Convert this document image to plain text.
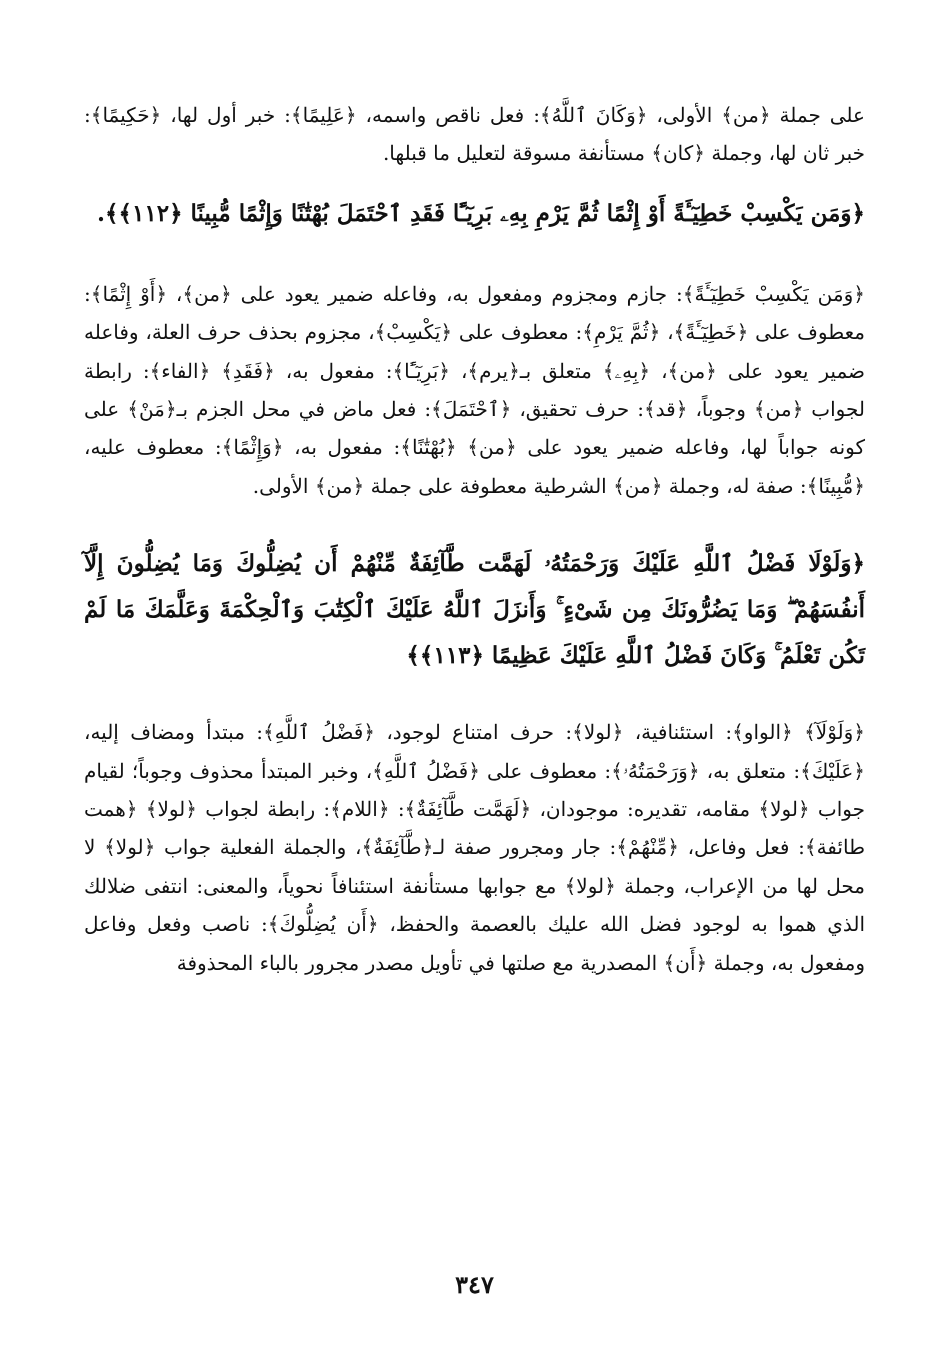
على جملة ﴿من﴾ الأولى، ﴿وَكَانَ ٱللَّهُ﴾: فعل ناقص واسمه، ﴿عَلِيمًا﴾: خبر أول لها، ﴿حَكِيمًا﴾: خبر ثان لها، وجملة ﴿كان﴾ مستأنفة مسوقة لتعليل ما قبلها.

﴿وَمَن يَكْسِبْ خَطِيٓـَٔةً أَوْ إِثْمًا ثُمَّ يَرْمِ بِهِۦ بَرِيٓـًٔا فَقَدِ ٱحْتَمَلَ بُهْتَٰنًا وَإِثْمًا مُّبِينًا ﴿١١٢﴾﴾.

﴿وَمَن يَكْسِبْ خَطِيٓـَٔةً﴾: جازم ومجزوم ومفعول به، وفاعله ضمير يعود على ﴿من﴾، ﴿أَوْ إِثْمًا﴾: معطوف على ﴿خَطِيٓـَٔةً﴾، ﴿ثُمَّ يَرْمِ﴾: معطوف على ﴿يَكْسِبْ﴾، مجزوم بحذف حرف العلة، وفاعله ضمير يعود على ﴿من﴾، ﴿بِهِۦ﴾ متعلق بـ﴿يرم﴾، ﴿بَرِيٓـًٔا﴾: مفعول به، ﴿فَقَدِ﴾ ﴿الفاء﴾: رابطة لجواب ﴿من﴾ وجوباً، ﴿قد﴾: حرف تحقيق، ﴿ٱحْتَمَلَ﴾: فعل ماض في محل الجزم بـ﴿مَنْ﴾ على كونه جواباً لها، وفاعله ضمير يعود على ﴿من﴾ ﴿بُهْتَٰنًا﴾: مفعول به، ﴿وَإِثْمًا﴾: معطوف عليه، ﴿مُّبِينًا﴾: صفة له، وجملة ﴿من﴾ الشرطية معطوفة على جملة ﴿من﴾ الأولى.

﴿وَلَوْلَا فَضْلُ ٱللَّهِ عَلَيْكَ وَرَحْمَتُهُۥ لَهَمَّت طَّآئِفَةٌ مِّنْهُمْ أَن يُضِلُّوكَ وَمَا يُضِلُّونَ إِلَّآ أَنفُسَهُمْ ۖ وَمَا يَضُرُّونَكَ مِن شَىْءٍ ۚ وَأَنزَلَ ٱللَّهُ عَلَيْكَ ٱلْكِتَٰبَ وَٱلْحِكْمَةَ وَعَلَّمَكَ مَا لَمْ تَكُن تَعْلَمُ ۚ وَكَانَ فَضْلُ ٱللَّهِ عَلَيْكَ عَظِيمًا ﴿١١٣﴾﴾

﴿وَلَوْلَآ﴾ ﴿الواو﴾: استئنافية، ﴿لولا﴾: حرف امتناع لوجود، ﴿فَضْلُ ٱللَّهِ﴾: مبتدأ ومضاف إليه، ﴿عَلَيْكَ﴾: متعلق به، ﴿وَرَحْمَتُهُۥ﴾: معطوف على ﴿فَضْلُ ٱللَّهِ﴾، وخبر المبتدأ محذوف وجوباً؛ لقيام جواب ﴿لولا﴾ مقامه، تقديره: موجودان، ﴿لَهَمَّت طَّآئِفَةٌ﴾: ﴿اللام﴾: رابطة لجواب ﴿لولا﴾ ﴿همت طائفة﴾: فعل وفاعل، ﴿مِّنْهُمْ﴾: جار ومجرور صفة لـ﴿طَّآئِفَةٌ﴾، والجملة الفعلية جواب ﴿لولا﴾ لا محل لها من الإعراب، وجملة ﴿لولا﴾ مع جوابها مستأنفة استئنافاً نحوياً، والمعنى: انتفى ضلالك الذي هموا به لوجود فضل الله عليك بالعصمة والحفظ، ﴿أَن يُضِلُّوكَ﴾: ناصب وفعل وفاعل ومفعول به، وجملة ﴿أَن﴾ المصدرية مع صلتها في تأويل مصدر مجرور بالباء المحذوفة

٣٤٧
